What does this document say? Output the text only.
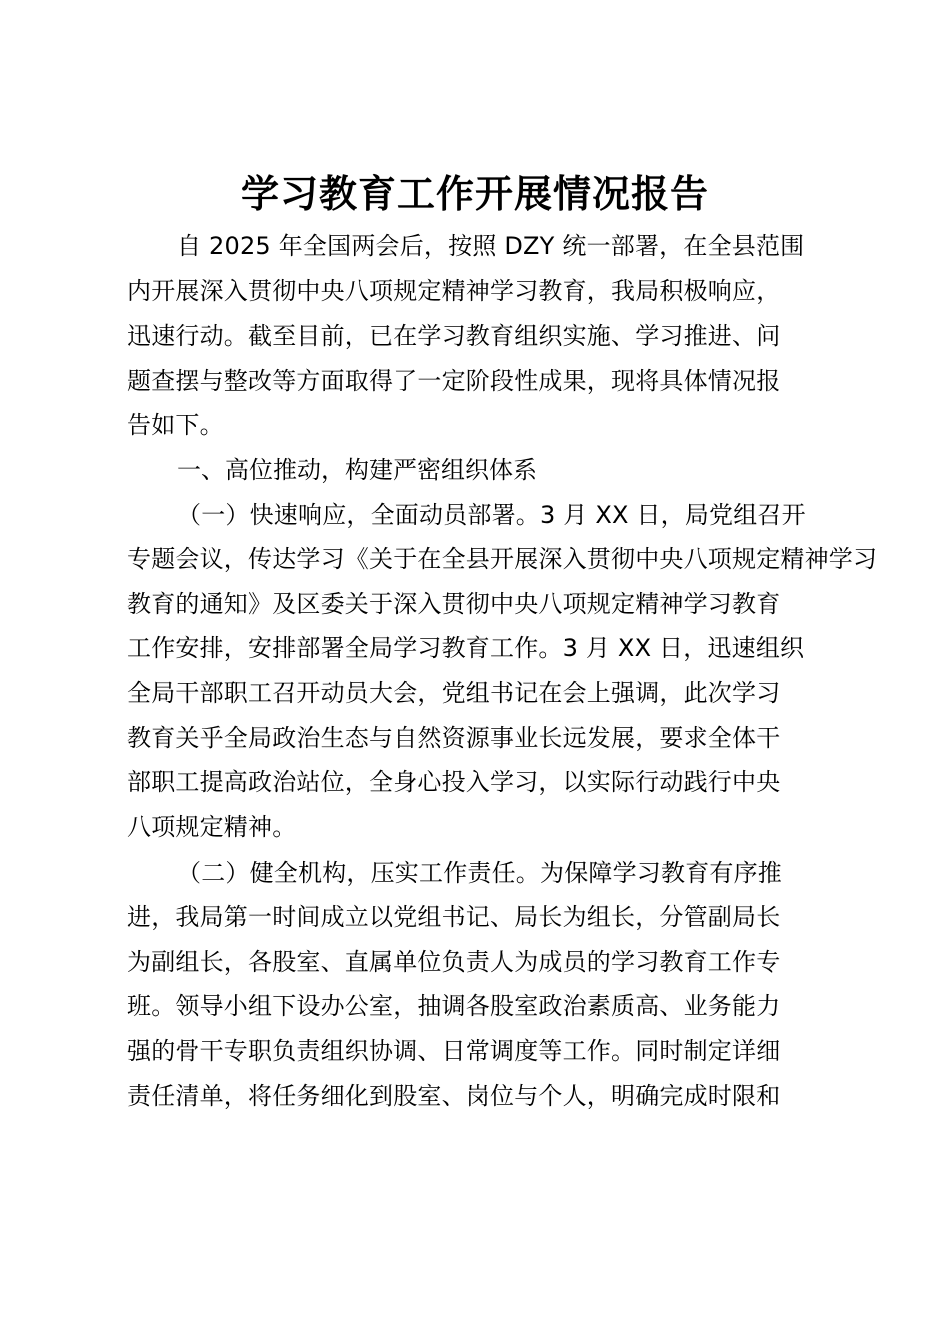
学习教育工作开展情况报告
自 2025 年全国两会后，按照 DZY 统一部署，在全县范围
内开展深入贯彻中央八项规定精神学习教育，我局积极响应，
迅速行动。截至目前，已在学习教育组织实施、学习推进、问
题查摆与整改等方面取得了一定阶段性成果，现将具体情况报
告如下。
一、高位推动，构建严密组织体系
（一）快速响应，全面动员部署。3 月 XX 日，局党组召开
专题会议，传达学习《关于在全县开展深入贯彻中央八项规定精神学习
教育的通知》及区委关于深入贯彻中央八项规定精神学习教育
工作安排，安排部署全局学习教育工作。3 月 XX 日，迅速组织
全局干部职工召开动员大会，党组书记在会上强调，此次学习
教育关乎全局政治生态与自然资源事业长远发展，要求全体干
部职工提高政治站位，全身心投入学习，以实际行动践行中央
八项规定精神。
（二）健全机构，压实工作责任。为保障学习教育有序推
进，我局第一时间成立以党组书记、局长为组长，分管副局长
为副组长，各股室、直属单位负责人为成员的学习教育工作专
班。领导小组下设办公室，抽调各股室政治素质高、业务能力
强的骨干专职负责组织协调、日常调度等工作。同时制定详细
责任清单，将任务细化到股室、岗位与个人，明确完成时限和
